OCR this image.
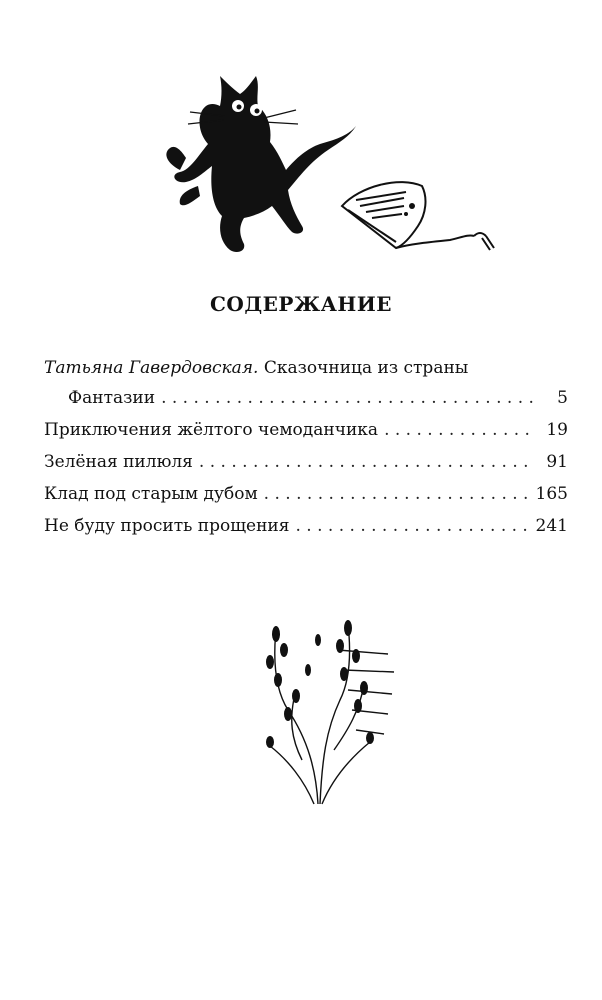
СОДЕРЖАНИЕ
Татьяна Гавердовская. Сказочница из страны
Фантазии . . .	5
Приключения жёлтого чемоданчика . . .	19
Зелёная пилюля . . .	91
Клад под старым дубом . . .	165
Не буду просить прощения . . .	241
